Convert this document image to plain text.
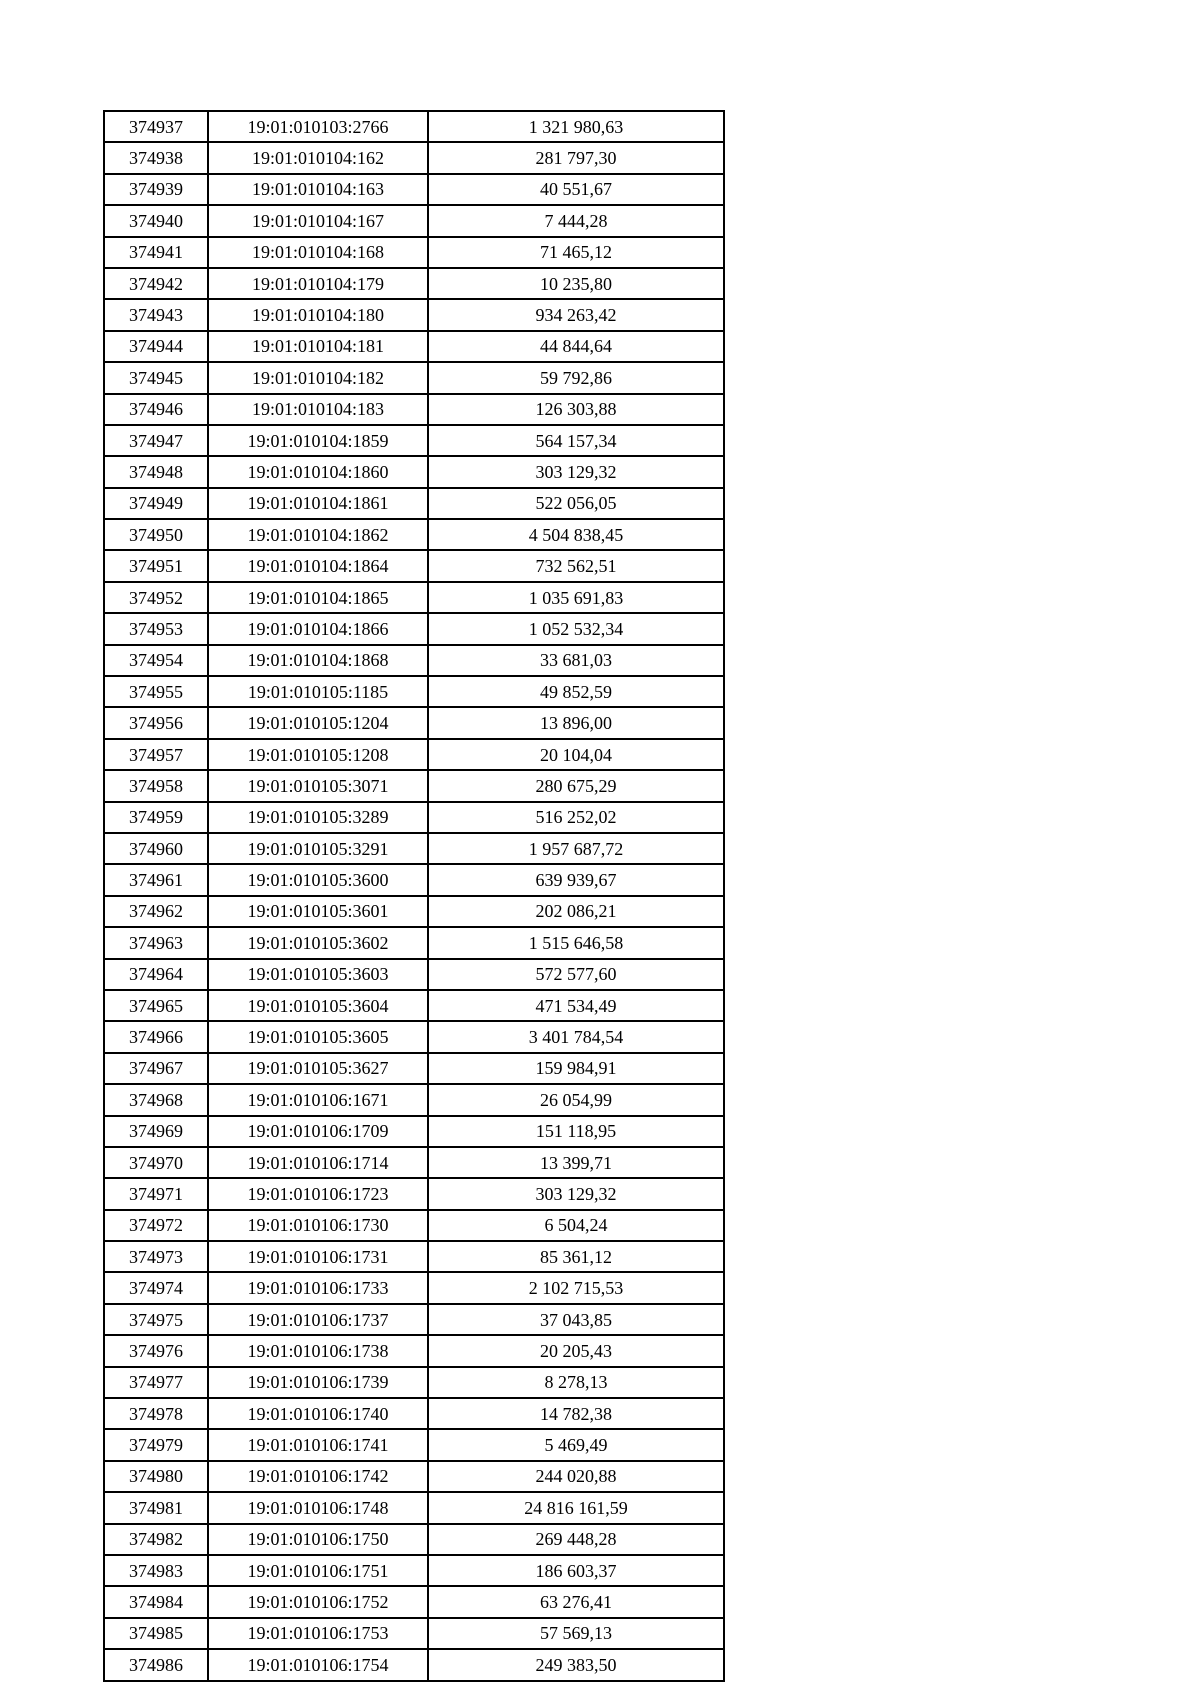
374937	19:01:010103:2766	1 321 980,63
374938	19:01:010104:162	281 797,30
374939	19:01:010104:163	40 551,67
374940	19:01:010104:167	7 444,28
374941	19:01:010104:168	71 465,12
374942	19:01:010104:179	10 235,80
374943	19:01:010104:180	934 263,42
374944	19:01:010104:181	44 844,64
374945	19:01:010104:182	59 792,86
374946	19:01:010104:183	126 303,88
374947	19:01:010104:1859	564 157,34
374948	19:01:010104:1860	303 129,32
374949	19:01:010104:1861	522 056,05
374950	19:01:010104:1862	4 504 838,45
374951	19:01:010104:1864	732 562,51
374952	19:01:010104:1865	1 035 691,83
374953	19:01:010104:1866	1 052 532,34
374954	19:01:010104:1868	33 681,03
374955	19:01:010105:1185	49 852,59
374956	19:01:010105:1204	13 896,00
374957	19:01:010105:1208	20 104,04
374958	19:01:010105:3071	280 675,29
374959	19:01:010105:3289	516 252,02
374960	19:01:010105:3291	1 957 687,72
374961	19:01:010105:3600	639 939,67
374962	19:01:010105:3601	202 086,21
374963	19:01:010105:3602	1 515 646,58
374964	19:01:010105:3603	572 577,60
374965	19:01:010105:3604	471 534,49
374966	19:01:010105:3605	3 401 784,54
374967	19:01:010105:3627	159 984,91
374968	19:01:010106:1671	26 054,99
374969	19:01:010106:1709	151 118,95
374970	19:01:010106:1714	13 399,71
374971	19:01:010106:1723	303 129,32
374972	19:01:010106:1730	6 504,24
374973	19:01:010106:1731	85 361,12
374974	19:01:010106:1733	2 102 715,53
374975	19:01:010106:1737	37 043,85
374976	19:01:010106:1738	20 205,43
374977	19:01:010106:1739	8 278,13
374978	19:01:010106:1740	14 782,38
374979	19:01:010106:1741	5 469,49
374980	19:01:010106:1742	244 020,88
374981	19:01:010106:1748	24 816 161,59
374982	19:01:010106:1750	269 448,28
374983	19:01:010106:1751	186 603,37
374984	19:01:010106:1752	63 276,41
374985	19:01:010106:1753	57 569,13
374986	19:01:010106:1754	249 383,50
